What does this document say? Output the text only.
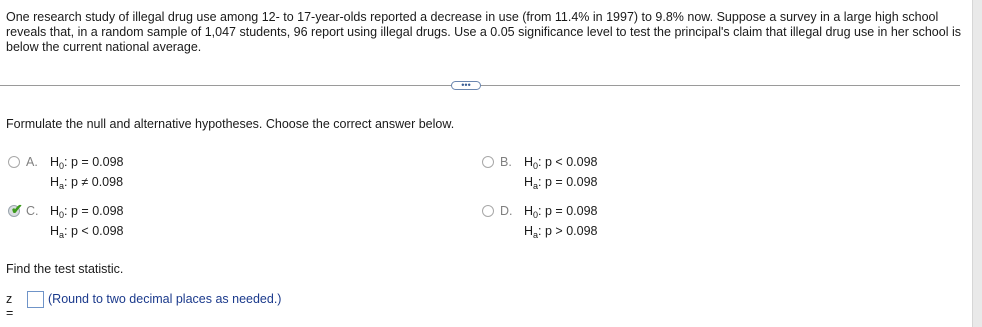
One research study of illegal drug use among 12- to 17-year-olds reported a decrease in use (from 11.4% in 1997) to 9.8% now. Suppose a survey in a large high school reveals that, in a random sample of 1,047 students, 96 report using illegal drugs. Use a 0.05 significance level to test the principal's claim that illegal drug use in her school is below the current national average.

•••

Formulate the null and alternative hypotheses. Choose the correct answer below.

A. $H_0$: p = 0.098
$H_a$: p ≠ 0.098
B. $H_0$: p < 0.098
$H_a$: p = 0.098
✔ C. $H_0$: p = 0.098
$H_a$: p < 0.098
D. $H_0$: p = 0.098
$H_a$: p > 0.098

Find the test statistic.

z =
(Round to two decimal places as needed.)
